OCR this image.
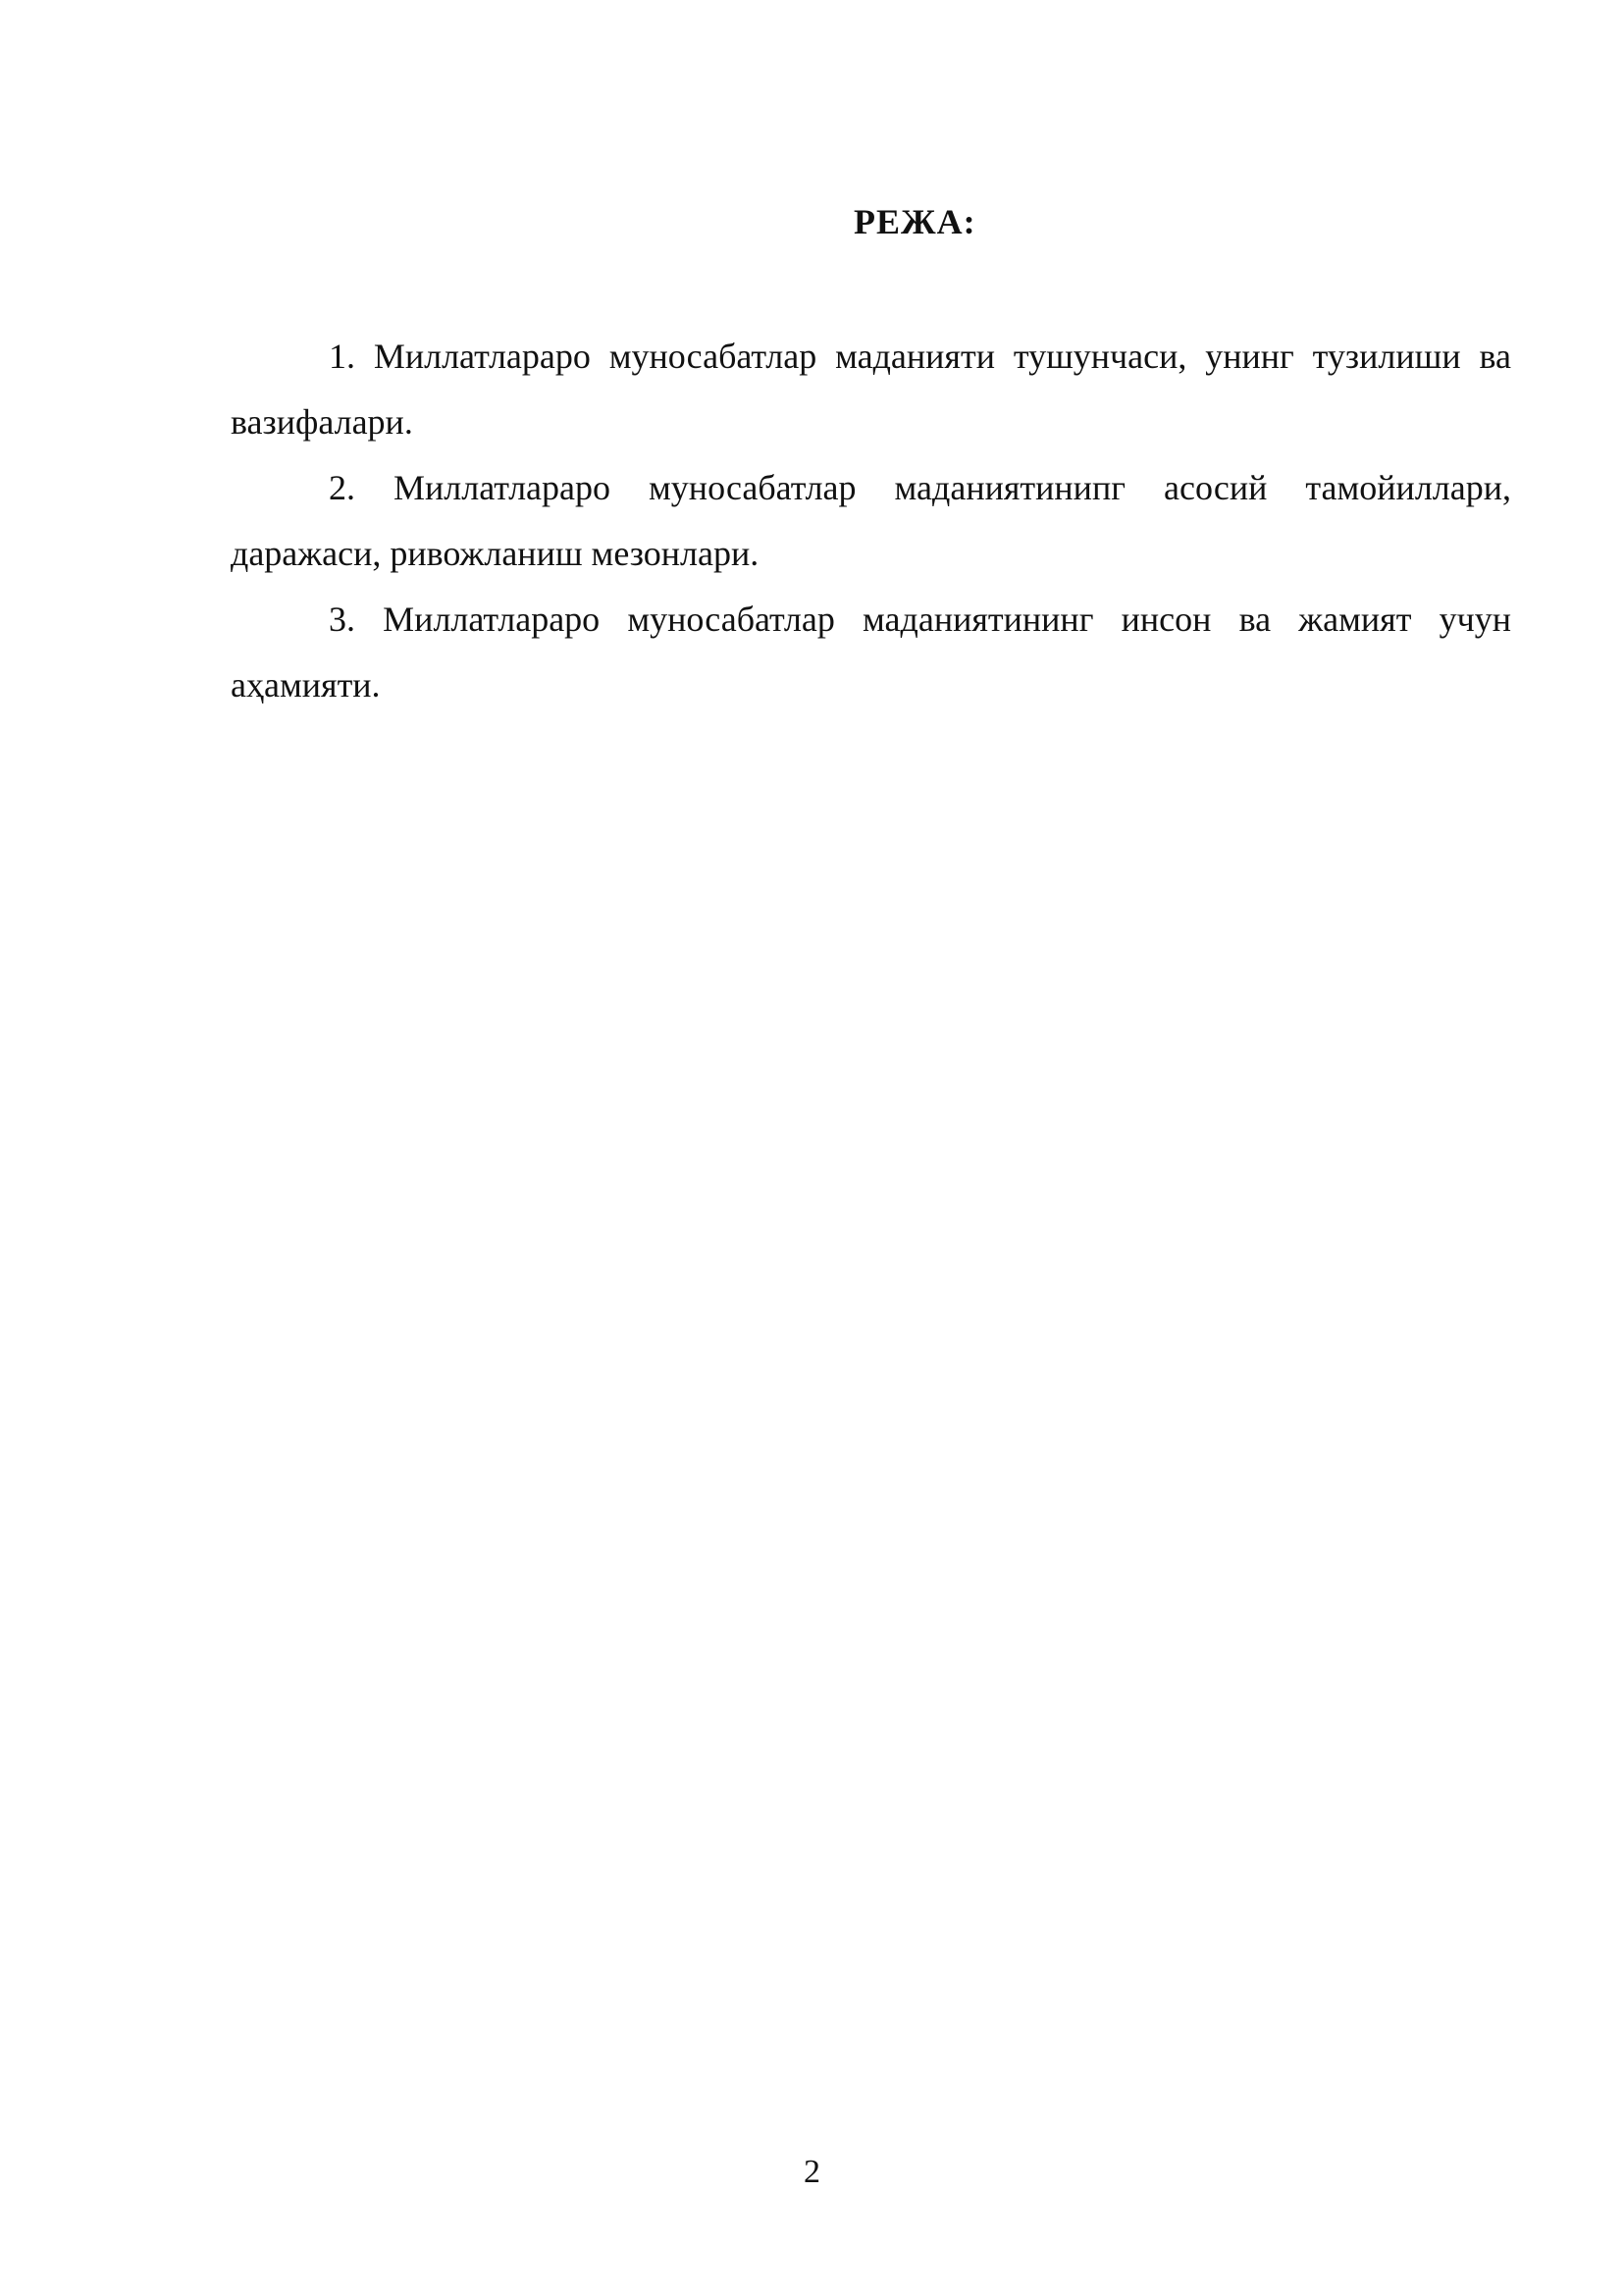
РЕЖА:

1. Миллатлараро муносабатлар маданияти тушунчаси, унинг тузилиши ва вазифалари.

2. Миллатлараро муносабатлар маданиятинипг асосий тамойиллари, даражаси, ривожланиш мезонлари.

3. Миллатлараро муносабатлар маданиятининг инсон ва жамият учун аҳамияти.

2
